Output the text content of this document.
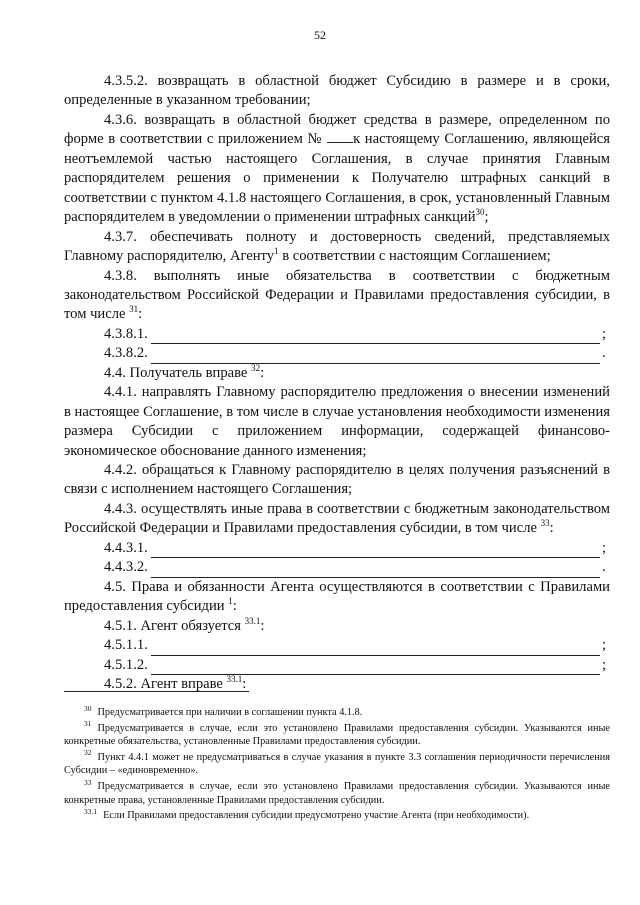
52

4.3.5.2. возвращать в областной бюджет Субсидию в размере и в сроки, определенные в указанном требовании;

4.3.6. возвращать в областной бюджет средства в размере, определенном по форме в соответствии с приложением № к настоящему Соглашению, являющейся неотъемлемой частью настоящего Соглашения, в случае принятия Главным распорядителем решения о применении к Получателю штрафных санкций в соответствии с пунктом 4.1.8 настоящего Соглашения, в срок, установленный Главным распорядителем в уведомлении о применении штрафных санкций$^{30}$;

4.3.7. обеспечивать полноту и достоверность сведений, представляемых Главному распорядителю, Агенту$^1$ в соответствии с настоящим Соглашением;

4.3.8. выполнять иные обязательства в соответствии с бюджетным законодательством Российской Федерации и Правилами предоставления субсидии, в том числе $^{31}$:

4.3.8.1.	;
4.3.8.2.	.

4.4. Получатель вправе $^{32}$:

4.4.1. направлять Главному распорядителю предложения о внесении изменений в настоящее Соглашение, в том числе в случае установления необходимости изменения размера Субсидии с приложением информации, содержащей финансово-экономическое обоснование данного изменения;

4.4.2. обращаться к Главному распорядителю в целях получения разъяснений в связи с исполнением настоящего Соглашения;

4.4.3. осуществлять иные права в соответствии с бюджетным законодательством Российской Федерации и Правилами предоставления субсидии, в том числе $^{33}$:

4.4.3.1.	;
4.4.3.2.	.

4.5. Права и обязанности Агента осуществляются в соответствии с Правилами предоставления субсидии $^1$:

4.5.1. Агент обязуется $^{33.1}$:

4.5.1.1.	;
4.5.1.2.	;

4.5.2. Агент вправе $^{33.1}$:

$^{30}$ Предусматривается при наличии в соглашении пункта 4.1.8.
$^{31}$ Предусматривается в случае, если это установлено Правилами предоставления субсидии. Указываются иные конкретные обязательства, установленные Правилами предоставления субсидии.
$^{32}$ Пункт 4.4.1 может не предусматриваться в случае указания в пункте 3.3 соглашения периодичности перечисления Субсидии – «единовременно».
$^{33}$ Предусматривается в случае, если это установлено Правилами предоставления субсидии. Указываются иные конкретные права, установленные Правилами предоставления субсидии.
$^{33.1}$ Если Правилами предоставления субсидии предусмотрено участие Агента (при необходимости).
